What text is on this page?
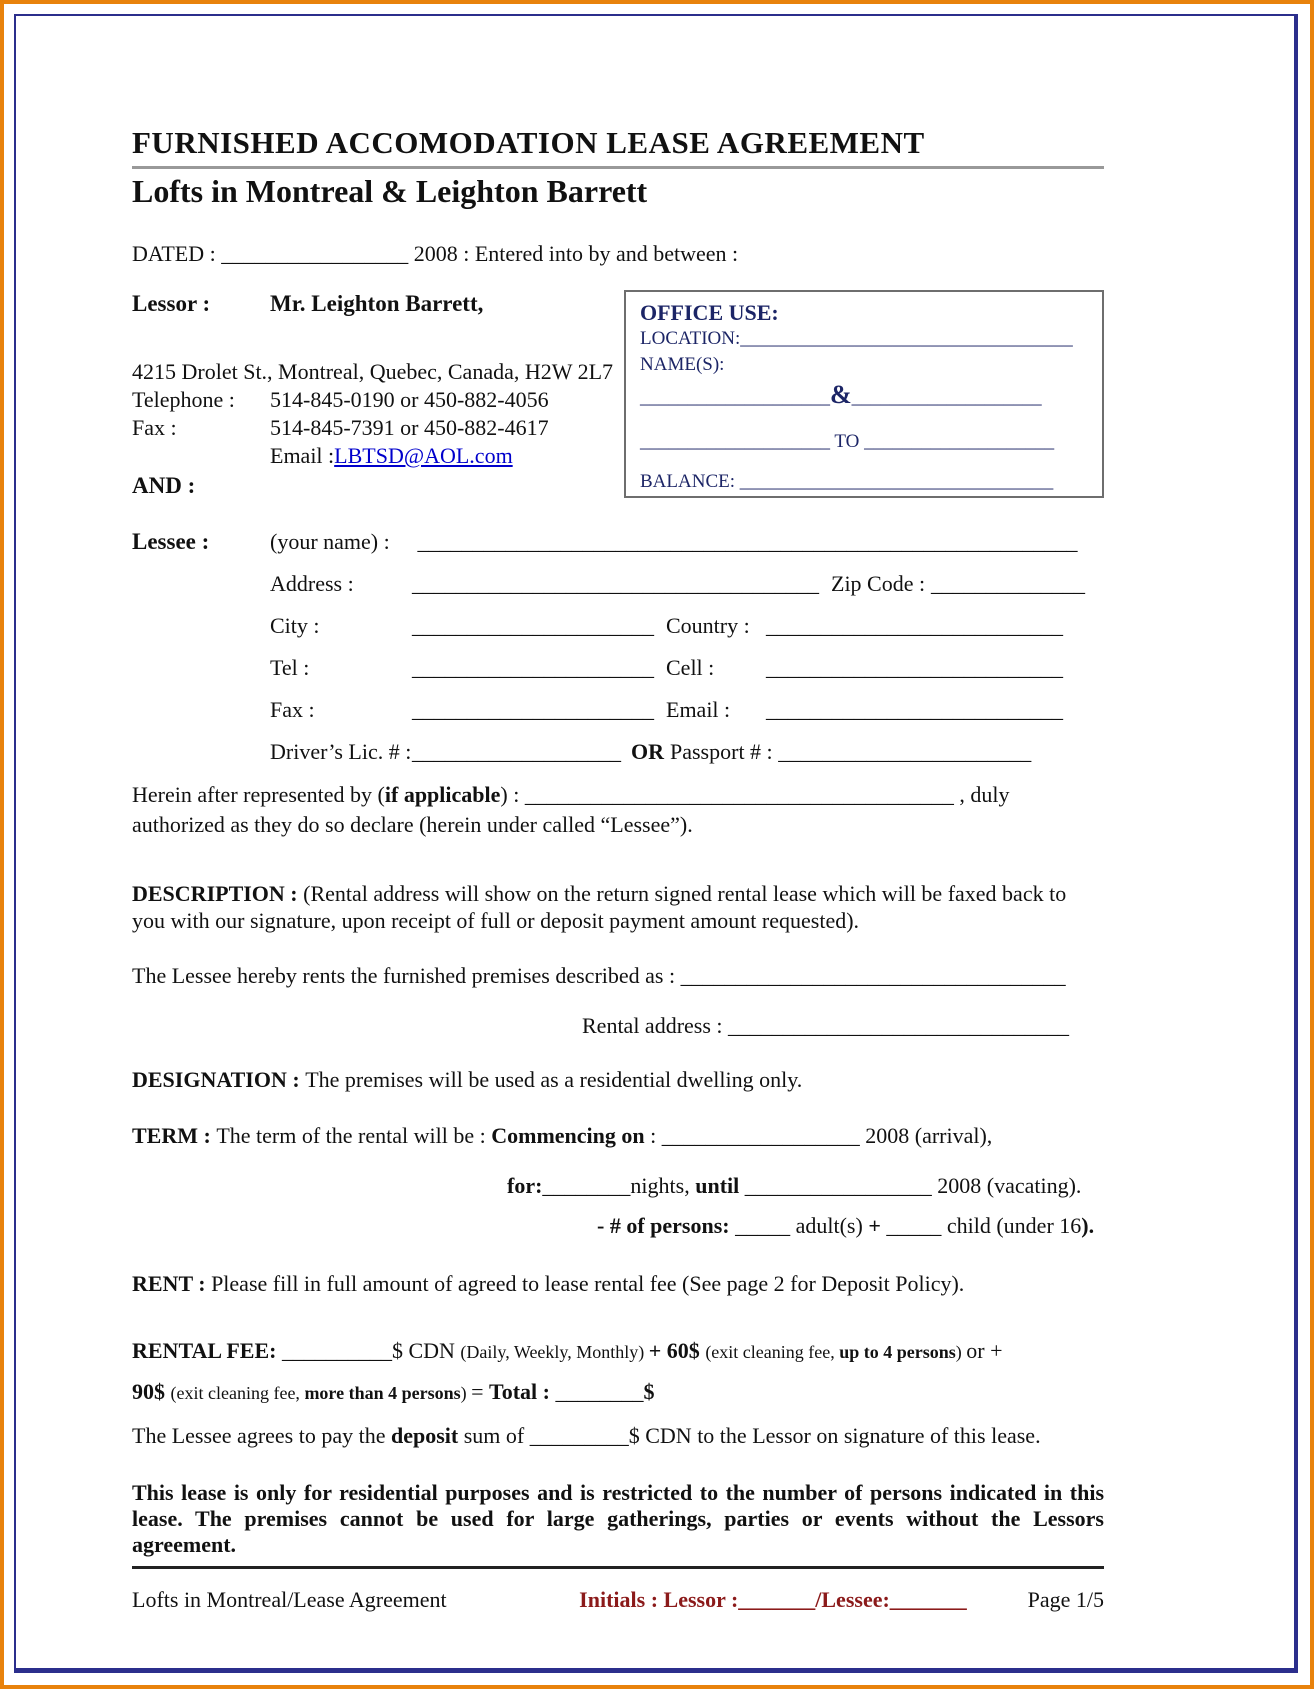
FURNISHED ACCOMODATION LEASE AGREEMENT
Lofts in Montreal & Leighton Barrett
DATED : _________________ 2008 : Entered into by and between :
Lessor :	Mr. Leighton Barrett,
4215 Drolet St., Montreal, Quebec, Canada, H2W 2L7
Telephone :	514-845-0190 or 450-882-4056
Fax :	514-845-7391 or 450-882-4617
Email : LBTSD@AOL.com
AND :
OFFICE USE:
LOCATION:___________________________________
NAME(S):
____________________&____________________
____________________ TO ____________________
BALANCE: _________________________________
Lessee :	(your name) : ____________________________________________________________
Address :	_____________________________________ Zip Code : ______________
City :	______________________ Country : ___________________________
Tel :	______________________ Cell : ___________________________
Fax :	______________________ Email : ___________________________
Driver’s Lic. # :___________________ OR Passport # : _______________________
Herein after represented by (if applicable) : _______________________________________ , duly authorized as they do so declare (herein under called “Lessee”).
DESCRIPTION : (Rental address will show on the return signed rental lease which will be faxed back to you with our signature, upon receipt of full or deposit payment amount requested).
The Lessee hereby rents the furnished premises described as : ___________________________________
Rental address : _______________________________
DESIGNATION : The premises will be used as a residential dwelling only.
TERM : The term of the rental will be : Commencing on : __________________ 2008 (arrival),
for:________nights, until _________________ 2008 (vacating).
- # of persons: _____ adult(s) + _____ child (under 16).
RENT : Please fill in full amount of agreed to lease rental fee (See page 2 for Deposit Policy).
RENTAL FEE: __________$ CDN (Daily, Weekly, Monthly) + 60$ (exit cleaning fee, up to 4 persons) or +
90$ (exit cleaning fee, more than 4 persons) = Total : ________$
The Lessee agrees to pay the deposit sum of _________$ CDN to the Lessor on signature of this lease.
This lease is only for residential purposes and is restricted to the number of persons indicated in this lease. The premises cannot be used for large gatherings, parties or events without the Lessors agreement.
Lofts in Montreal/Lease Agreement	Initials : Lessor :_______/Lessee:_______	Page 1/5
